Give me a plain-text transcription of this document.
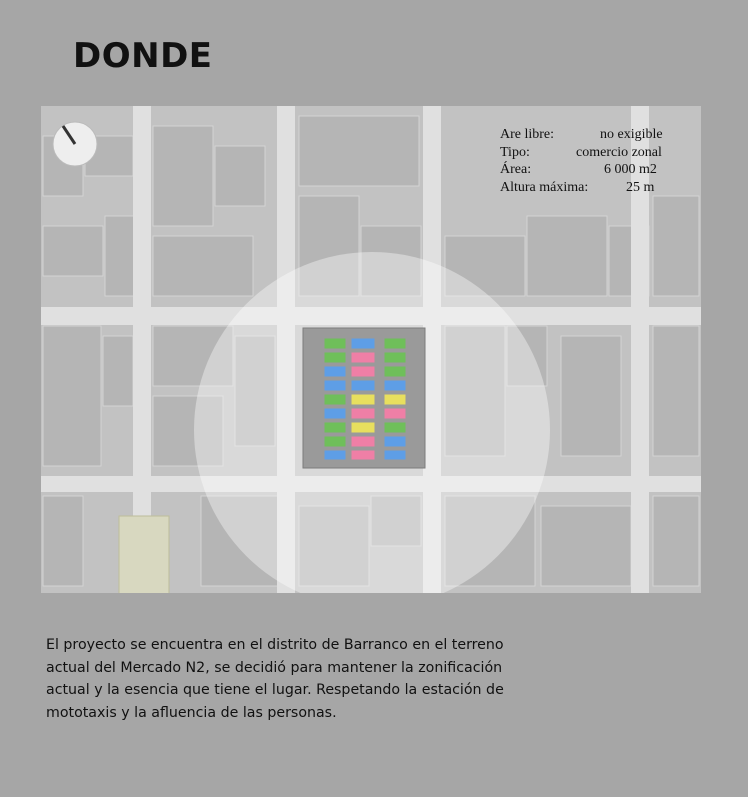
DONDE
Are libre:	no exigible
Tipo:	comercio zonal
Área:	6 000 m2
Altura máxima:	25 m
El proyecto se encuentra en el distrito de Barranco en el terreno actual del Mercado N2, se decidió para mantener la zonificación actual y la esencia que tiene el lugar. Respetando la estación de mototaxis y la afluencia de las personas.
